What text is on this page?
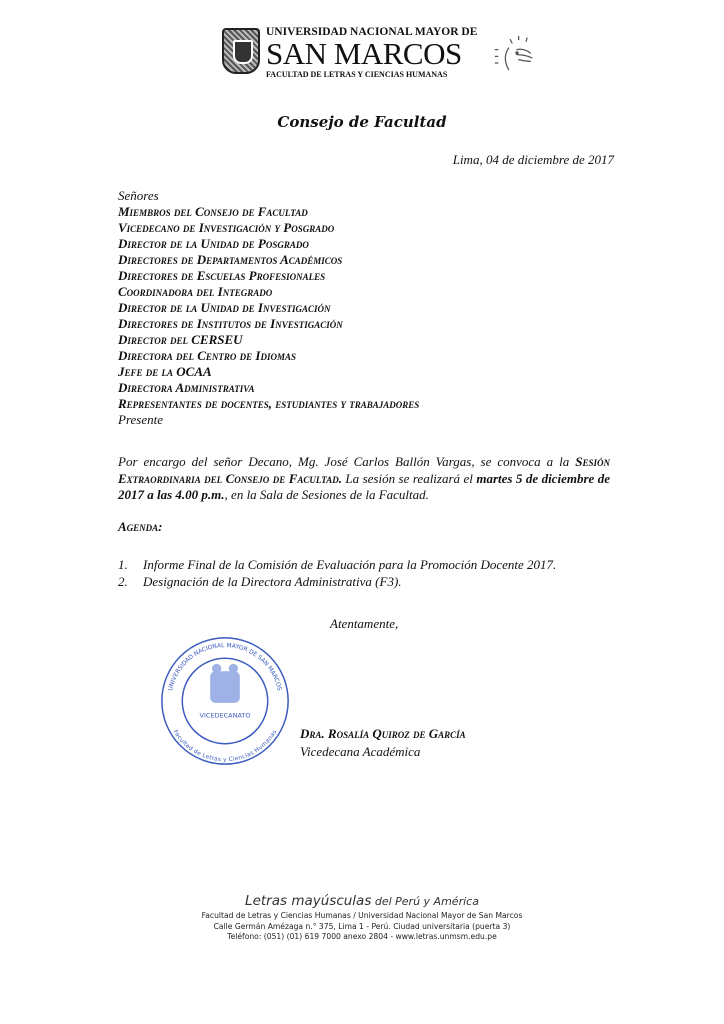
UNIVERSIDAD NACIONAL MAYOR DE
SAN MARCOS
FACULTAD DE LETRAS Y CIENCIAS HUMANAS
Consejo de Facultad
Lima, 04 de diciembre de 2017
Señores
Miembros del Consejo de Facultad
Vicedecano de Investigación y Posgrado
Director de la Unidad de Posgrado
Directores de Departamentos Académicos
Directores de Escuelas Profesionales
Coordinadora del Integrado
Director de la Unidad de Investigación
Directores de Institutos de Investigación
Director del CERSEU
Directora del Centro de Idiomas
Jefe de la OCAA
Directora Administrativa
Representantes de docentes, estudiantes y trabajadores
Presente
Por encargo del señor Decano, Mg. José Carlos Ballón Vargas, se convoca a la Sesión Extraordinaria del Consejo de Facultad. La sesión se realizará el martes 5 de diciembre de 2017 a las 4.00 p.m., en la Sala de Sesiones de la Facultad.
Agenda:
1.	Informe Final de la Comisión de Evaluación para la Promoción Docente 2017.
2.	Designación de la Directora Administrativa (F3).
Atentamente,
UNIVERSIDAD NACIONAL MAYOR DE SAN MARCOS
Facultad de Letras y Ciencias Humanas
VICEDECANATO
Dra. Rosalía Quiroz de García
Vicedecana Académica
Letras mayúsculas del Perú y América
Facultad de Letras y Ciencias Humanas / Universidad Nacional Mayor de San Marcos
Calle Germán Amézaga n.° 375, Lima 1 - Perú. Ciudad universitaria (puerta 3)
Teléfono: (051) (01) 619 7000 anexo 2804 - www.letras.unmsm.edu.pe
